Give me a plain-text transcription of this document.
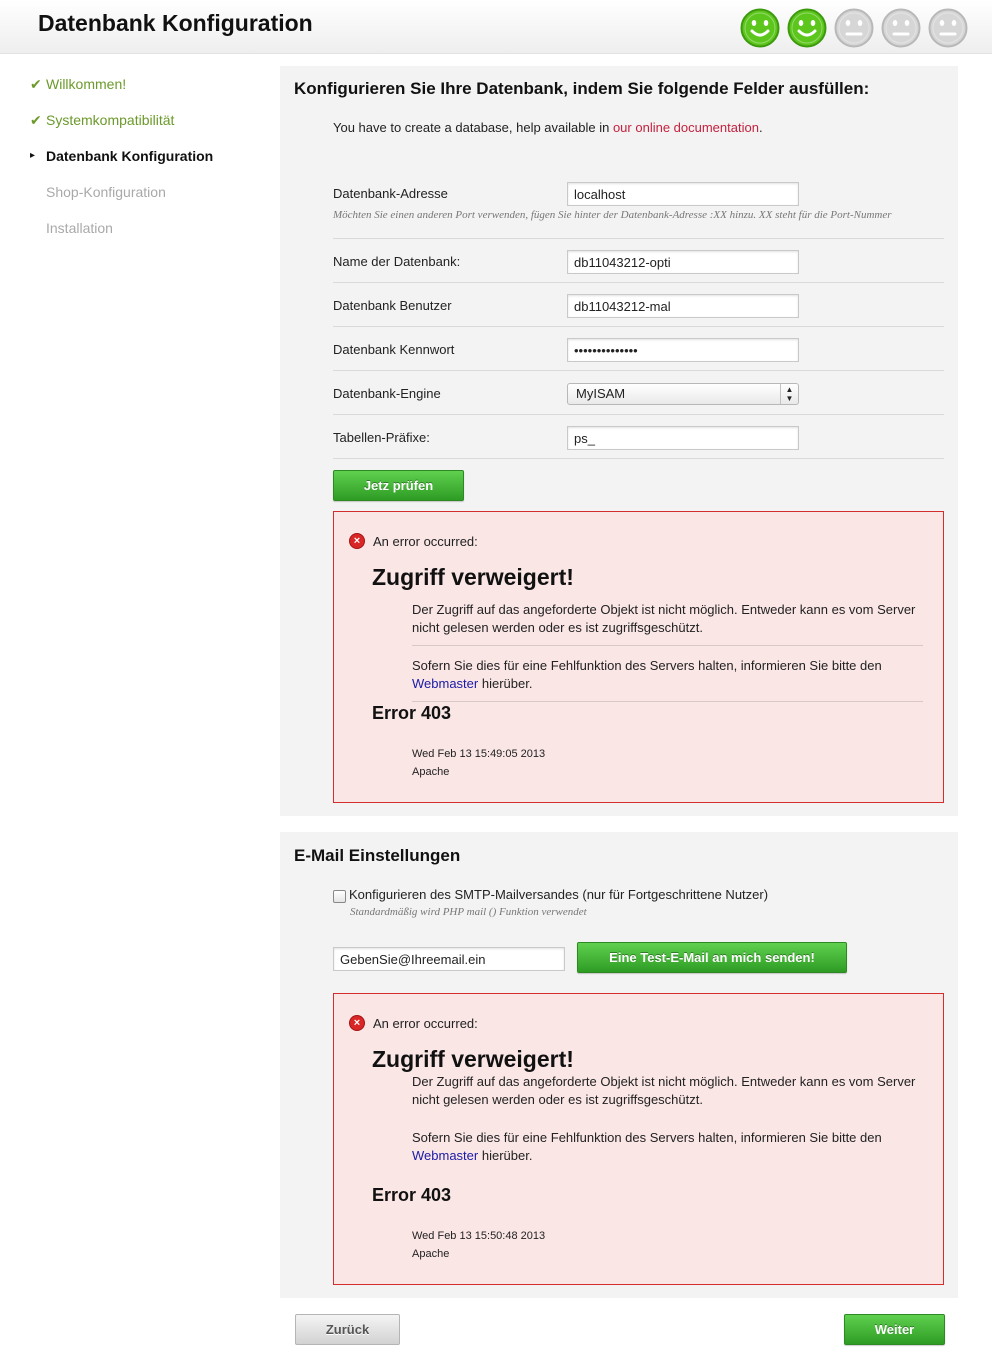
Datenbank Konfiguration
✔ Willkommen!
✔ Systemkompatibilität
▸ Datenbank Konfiguration
Shop-Konfiguration
Installation
Konfigurieren Sie Ihre Datenbank, indem Sie folgende Felder ausfüllen:
You have to create a database, help available in our online documentation.
Datenbank-Adresse
localhost
Möchten Sie einen anderen Port verwenden, fügen Sie hinter der Datenbank-Adresse :XX hinzu. XX steht für die Port-Nummer
Name der Datenbank:
db11043212-opti
Datenbank Benutzer
db11043212-mal
Datenbank Kennwort
••••••••••••••
Datenbank-Engine	MyISAM	▲
▼
Tabellen-Präfixe:
ps_
Jetz prüfen
× An error occurred:
Zugriff verweigert!
Der Zugriff auf das angeforderte Objekt ist nicht möglich. Entweder kann es vom Server nicht gelesen werden oder es ist zugriffsgeschützt.
Sofern Sie dies für eine Fehlfunktion des Servers halten, informieren Sie bitte den Webmaster hierüber.
Error 403
Wed Feb 13 15:49:05 2013
Apache
E-Mail Einstellungen
Konfigurieren des SMTP-Mailversandes (nur für Fortgeschrittene Nutzer)
Standardmäßig wird PHP mail () Funktion verwendet
GebenSie@Ihreemail.ein
Eine Test-E-Mail an mich senden!
× An error occurred:
Zugriff verweigert!
Der Zugriff auf das angeforderte Objekt ist nicht möglich. Entweder kann es vom Server nicht gelesen werden oder es ist zugriffsgeschützt.
Sofern Sie dies für eine Fehlfunktion des Servers halten, informieren Sie bitte den Webmaster hierüber.
Error 403
Wed Feb 13 15:50:48 2013
Apache
Zurück	Weiter
